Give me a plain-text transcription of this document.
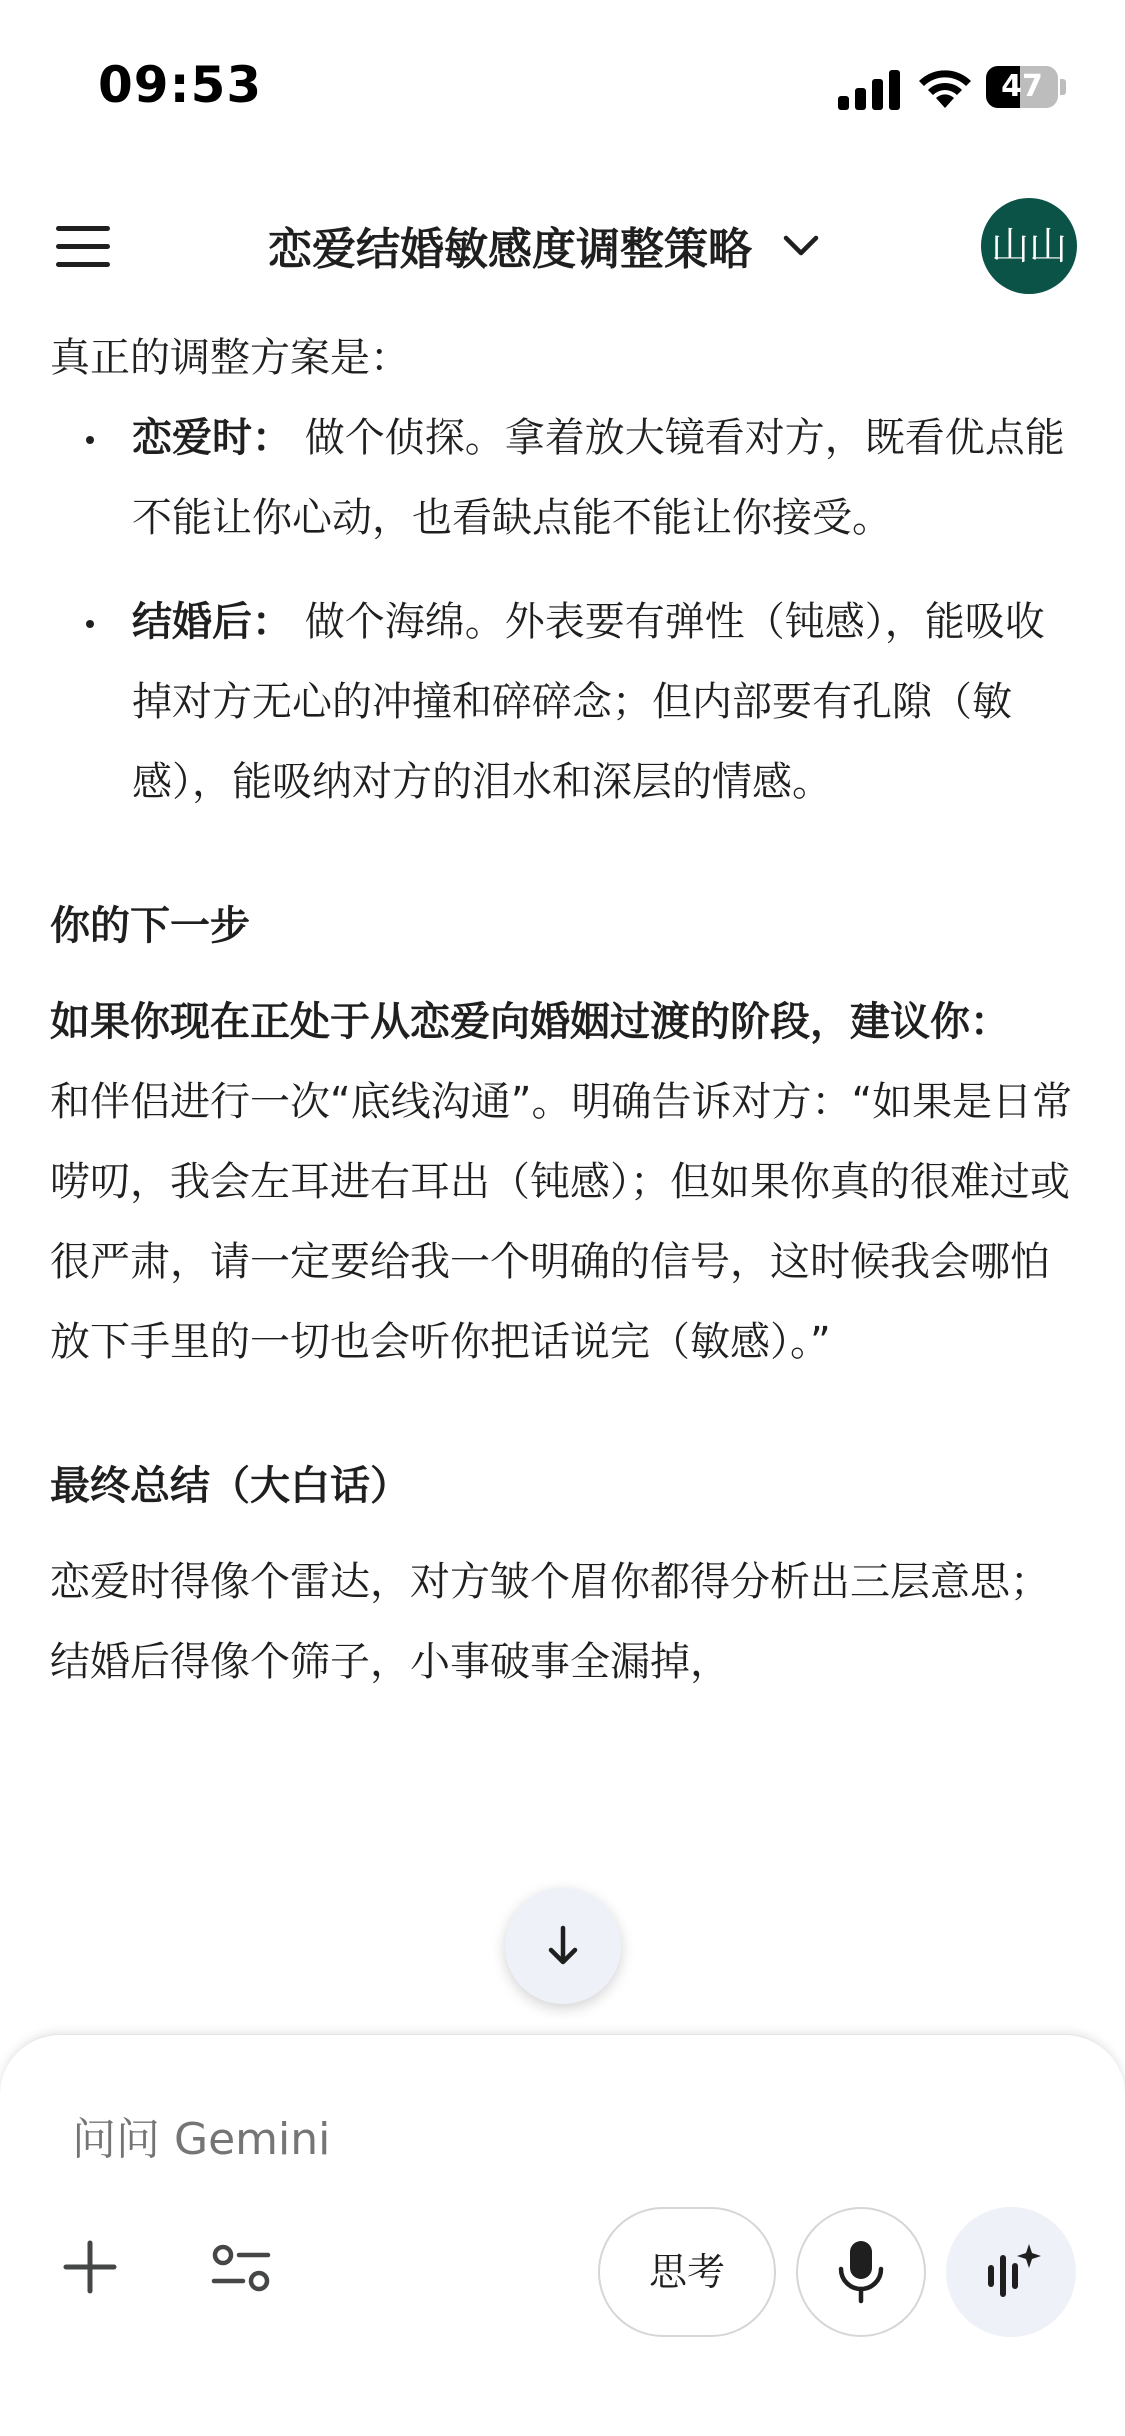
09:53	47
恋爱结婚敏感度调整策略	山山
真正的调整方案是：
恋爱时： 做个侦探。拿着放大镜看对方，既看优点能不能让你心动，也看缺点能不能让你接受。
结婚后： 做个海绵。外表要有弹性（钝感），能吸收掉对方无心的冲撞和碎碎念；但内部要有孔隙（敏感），能吸纳对方的泪水和深层的情感。
你的下一步
如果你现在正处于从恋爱向婚姻过渡的阶段，建议你：
和伴侣进行一次“底线沟通”。明确告诉对方：“如果是日常唠叨，我会左耳进右耳出（钝感）；但如果你真的很难过或很严肃，请一定要给我一个明确的信号，这时候我会哪怕放下手里的一切也会听你把话说完（敏感）。”
最终总结（大白话）
恋爱时得像个雷达，对方皱个眉你都得分析出三层意思；结婚后得像个筛子，小事破事全漏掉，
问问 Gemini
思考
